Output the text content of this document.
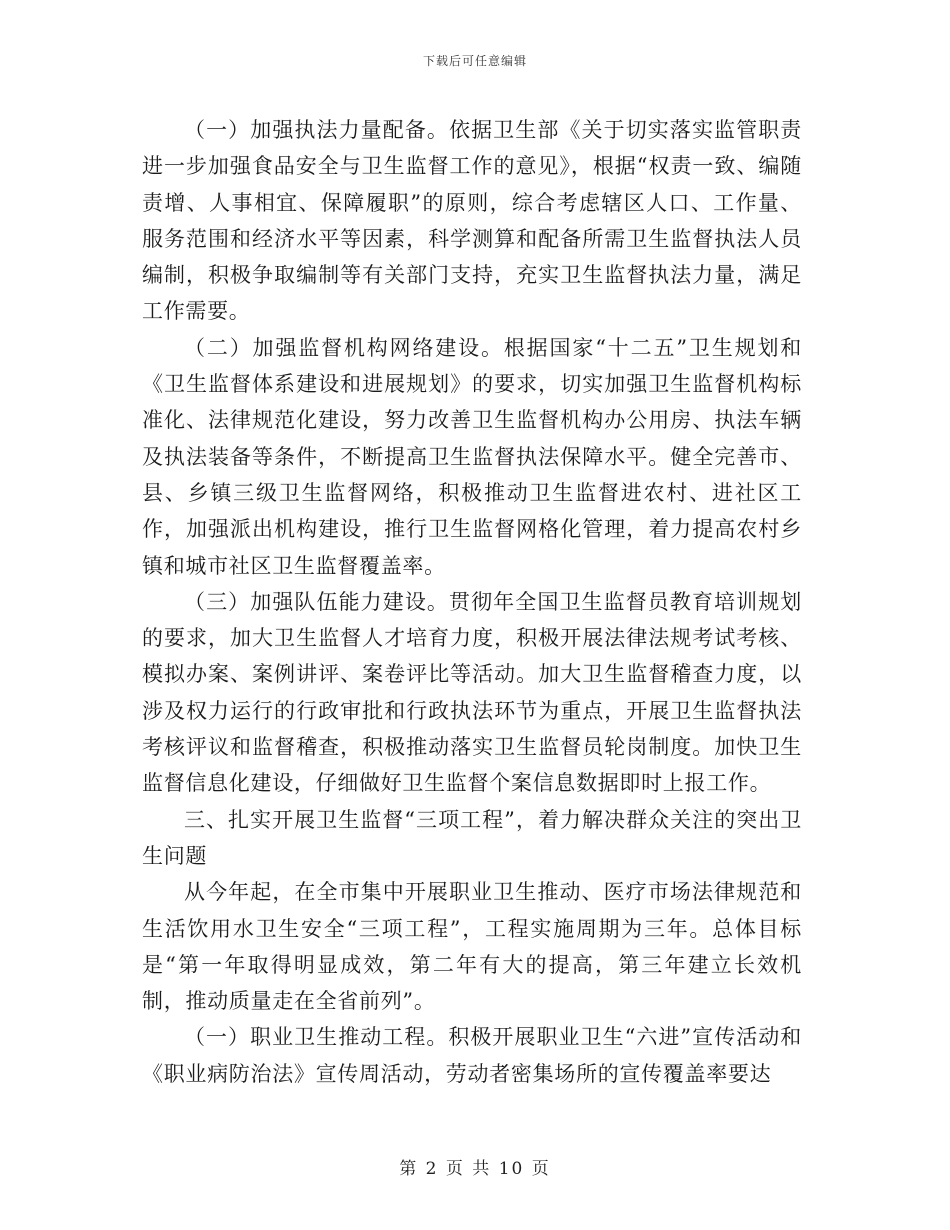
下载后可任意编辑

（一）加强执法力量配备。依据卫生部《关于切实落实监管职责进一步加强食品安全与卫生监督工作的意见》，根据“权责一致、编随责增、人事相宜、保障履职”的原则，综合考虑辖区人口、工作量、服务范围和经济水平等因素，科学测算和配备所需卫生监督执法人员编制，积极争取编制等有关部门支持，充实卫生监督执法力量，满足工作需要。

（二）加强监督机构网络建设。根据国家“十二五”卫生规划和《卫生监督体系建设和进展规划》的要求，切实加强卫生监督机构标准化、法律规范化建设，努力改善卫生监督机构办公用房、执法车辆及执法装备等条件，不断提高卫生监督执法保障水平。健全完善市、县、乡镇三级卫生监督网络，积极推动卫生监督进农村、进社区工作，加强派出机构建设，推行卫生监督网格化管理，着力提高农村乡镇和城市社区卫生监督覆盖率。

（三）加强队伍能力建设。贯彻年全国卫生监督员教育培训规划的要求，加大卫生监督人才培育力度，积极开展法律法规考试考核、模拟办案、案例讲评、案卷评比等活动。加大卫生监督稽查力度，以涉及权力运行的行政审批和行政执法环节为重点，开展卫生监督执法考核评议和监督稽查，积极推动落实卫生监督员轮岗制度。加快卫生监督信息化建设，仔细做好卫生监督个案信息数据即时上报工作。

三、扎实开展卫生监督“三项工程”，着力解决群众关注的突出卫生问题

从今年起，在全市集中开展职业卫生推动、医疗市场法律规范和生活饮用水卫生安全“三项工程”，工程实施周期为三年。总体目标是“第一年取得明显成效，第二年有大的提高，第三年建立长效机制，推动质量走在全省前列”。

（一）职业卫生推动工程。积极开展职业卫生“六进”宣传活动和《职业病防治法》宣传周活动，劳动者密集场所的宣传覆盖率要达

第 2 页 共 10 页
